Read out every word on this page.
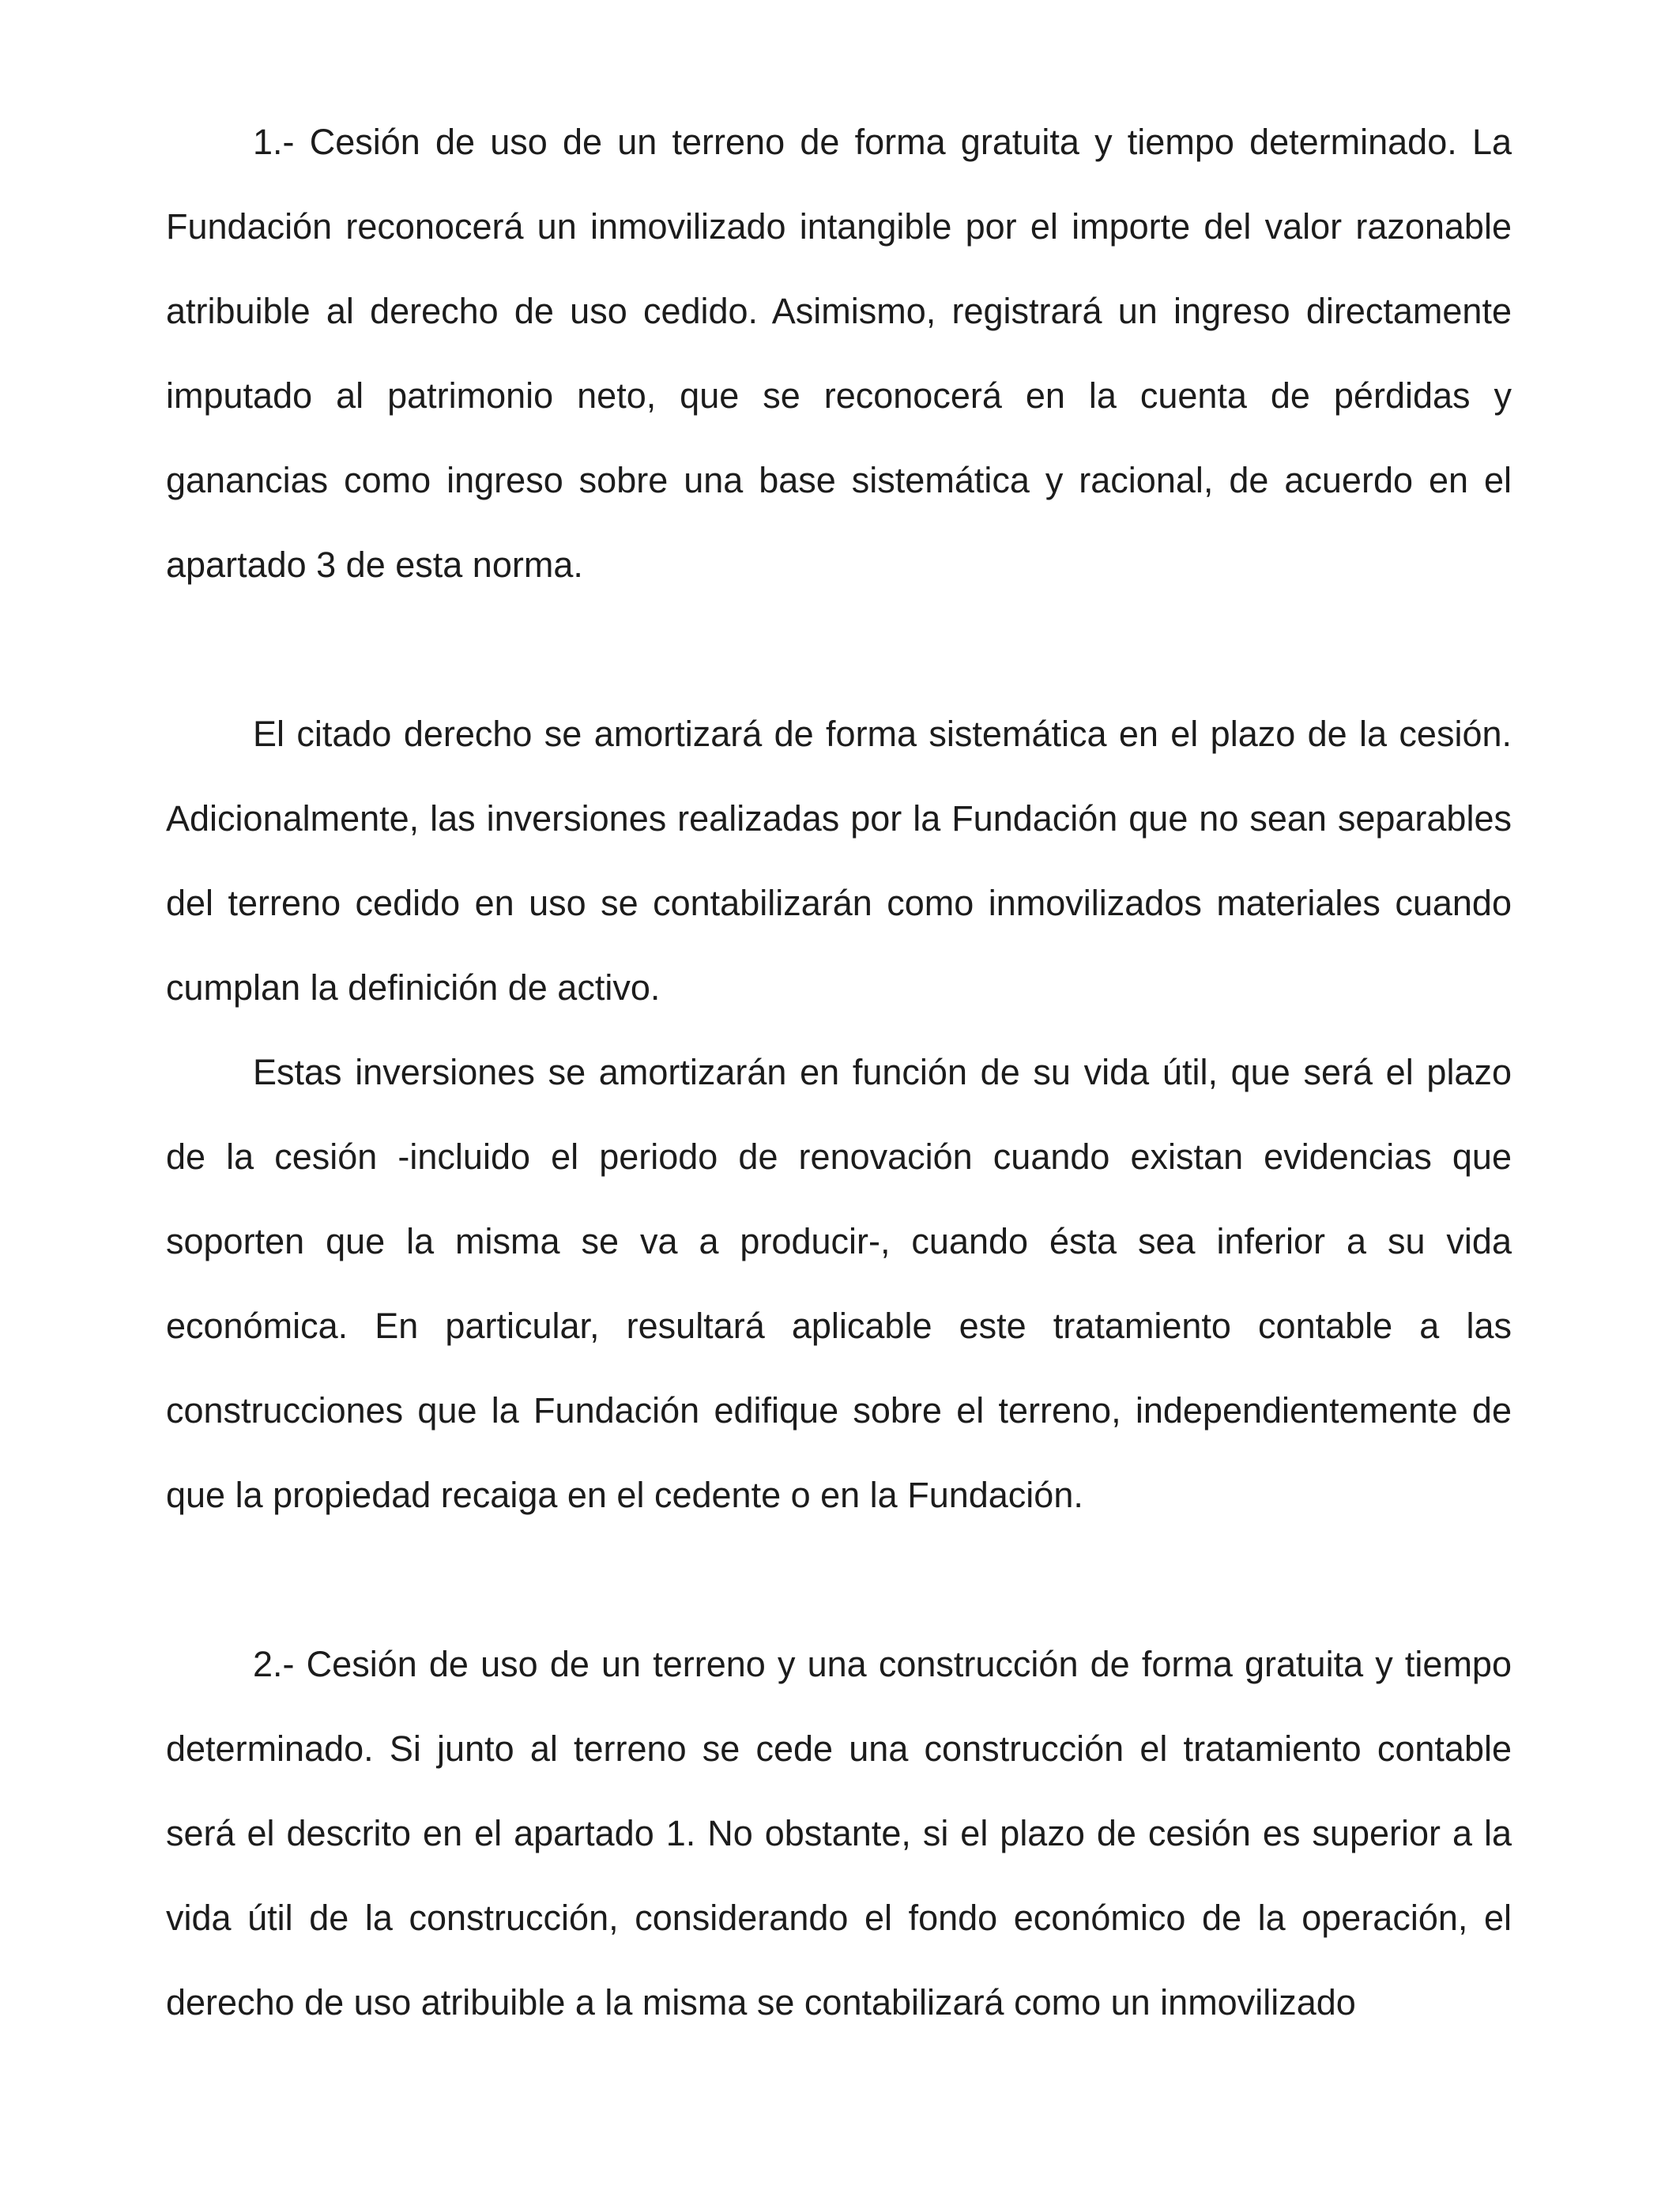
1.- Cesión de uso de un terreno de forma gratuita y tiempo determinado. La Fundación reconocerá un inmovilizado intangible por el importe del valor razonable atribuible al derecho de uso cedido. Asimismo, registrará un ingreso directamente imputado al patrimonio neto, que se reconocerá en la cuenta de pérdidas y ganancias como ingreso sobre una base sistemática y racional, de acuerdo en el apartado 3 de esta norma.

El citado derecho se amortizará de forma sistemática en el plazo de la cesión. Adicionalmente, las inversiones realizadas por la Fundación que no sean separables del terreno cedido en uso se contabilizarán como inmovilizados materiales cuando cumplan la definición de activo.

Estas inversiones se amortizarán en función de su vida útil, que será el plazo de la cesión -incluido el periodo de renovación cuando existan evidencias que soporten que la misma se va a producir-, cuando ésta sea inferior a su vida económica. En particular, resultará aplicable este tratamiento contable a las construcciones que la Fundación edifique sobre el terreno, independientemente de que la propiedad recaiga en el cedente o en la Fundación.

2.- Cesión de uso de un terreno y una construcción de forma gratuita y tiempo determinado. Si junto al terreno se cede una construcción el tratamiento contable será el descrito en el apartado 1. No obstante, si el plazo de cesión es superior a la vida útil de la construcción, considerando el fondo económico de la operación, el derecho de uso atribuible a la misma se contabilizará como un inmovilizado
